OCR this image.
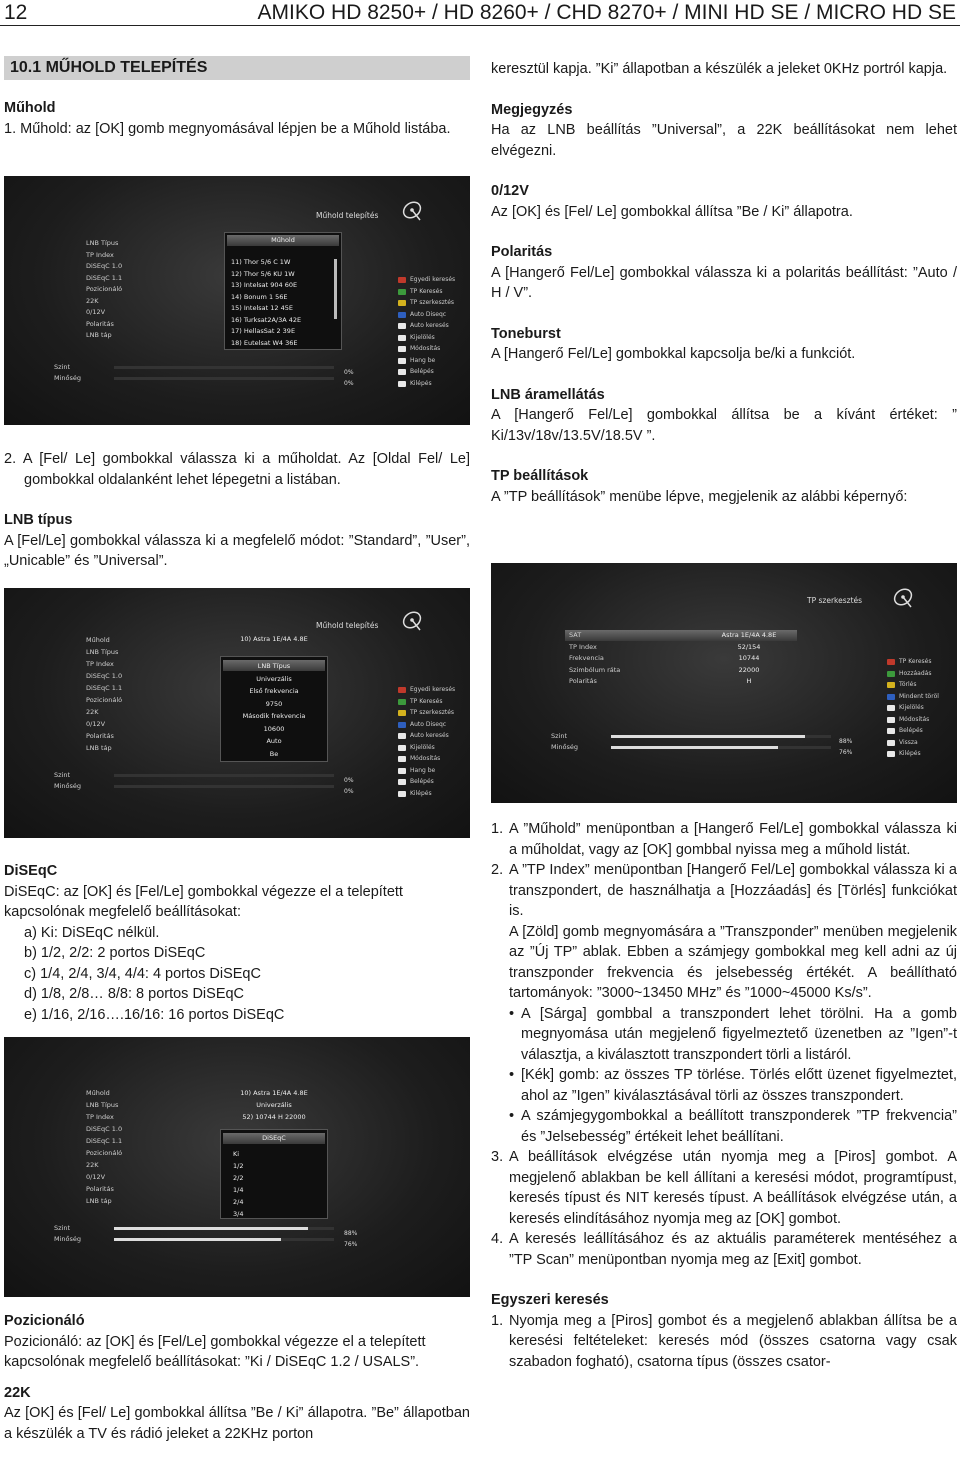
12	AMIKO HD 8250+ / HD 8260+ / CHD 8270+ / MINI HD SE / MICRO HD SE
10.1 MŰHOLD TELEPÍTÉS
Műhold
1. Műhold: az [OK] gomb megnyomásával lépjen be a Műhold listába.
2. A [Fel/ Le] gombokkal válassza ki a műholdat. Az [Oldal Fel/ Le] gombokkal oldalanként lehet lépegetni a listában.
LNB típus
A [Fel/Le] gombokkal válassza ki a megfelelő módot: ”Standard”, ”User”, „Unicable” és ”Universal”.
DiSEqC
DiSEqC: az [OK] és [Fel/Le] gombokkal végezze el a telepített kapcsolónak megfelelő beállításokat:
a) Ki: DiSEqC nélkül.
b) 1/2, 2/2: 2 portos DiSEqC
c) 1/4, 2/4, 3/4, 4/4: 4 portos DiSEqC
d) 1/8, 2/8… 8/8: 8 portos DiSEqC
e) 1/16, 2/16….16/16: 16 portos DiSEqC
Pozicionáló
Pozicionáló: az [OK] és [Fel/Le] gombokkal végezze el a telepített kapcsolónak megfelelő beállításokat: ”Ki / DiSEqC 1.2 / USALS”.
22K
Az [OK] és [Fel/ Le] gombokkal állítsa ”Be / Ki” állapotra. ”Be” állapotban a készülék a TV és rádió jeleket a 22KHz porton
keresztül kapja. ”Ki” állapotban a készülék a jeleket 0KHz portról kapja.
Megjegyzés
Ha az LNB beállítás ”Universal”, a 22K beállításokat nem lehet elvégezni.
0/12V
Az [OK] és [Fel/ Le] gombokkal állítsa ”Be / Ki” állapotra.
Polaritás
A [Hangerő Fel/Le] gombokkal válassza ki a polaritás beállítást: ”Auto / H / V”.
Toneburst
A [Hangerő Fel/Le] gombokkal kapcsolja be/ki a funkciót.
LNB áramellátás
A [Hangerő Fel/Le] gombokkal állítsa be a kívánt értéket: ” Ki/13v/18v/13.5V/18.5V ”.
TP beállítások
A ”TP beállítások” menübe lépve, megjelenik az alábbi képernyő:
1. A ”Műhold” menüpontban a [Hangerő Fel/Le] gombokkal válassza ki a műholdat, vagy az [OK] gombbal nyissa meg a műhold listát.
2. A ”TP Index” menüpontban [Hangerő Fel/Le] gombokkal válassza ki a transzpondert, de használhatja a [Hozzáadás] és [Törlés] funkciókat is.
A [Zöld] gomb megnyomására a ”Transzponder” menüben megjelenik az ”Új TP” ablak. Ebben a számjegy gombokkal meg kell adni az új transzponder frekvencia és jelsebesség értékét. A beállítható tartományok: ”3000~13450 MHz” és ”1000~45000 Ks/s”.
• A [Sárga] gombbal a transzpondert lehet törölni. Ha a gomb megnyomása után megjelenő figyelmeztető üzenetben az ”Igen”-t választja, a kiválasztott transzpondert törli a listáról.
• [Kék] gomb: az összes TP törlése. Törlés előtt üzenet figyelmeztet, ahol az ”Igen” kiválasztásával törli az összes transzpondert.
• A számjegygombokkal a beállított transzponderek ”TP frekvencia” és ”Jelsebesség” értékeit lehet beállítani.
3. A beállítások elvégzése után nyomja meg a [Piros] gombot. A megjelenő ablakban be kell állítani a keresési módot, programtípust, keresés típust és NIT keresés típust. A beállítások elvégzése után, a keresés elindításához nyomja meg az [OK] gombot.
4. A keresés leállításához és az aktuális paraméterek mentéséhez a ”TP Scan” menüpontban nyomja meg az [Exit] gombot.
Egyszeri keresés
1. Nyomja meg a [Piros] gombot és a megjelenő ablakban állítsa be a keresési feltételeket: keresés mód (összes csatorna vagy csak szabadon fogható), csatorna típus (összes csator-
Műhold telepítés
LNB Típus
TP Index
DiSEqC 1.0
DiSEqC 1.1
Pozicionáló
22K
0/12V
Polaritás
LNB táp
Műhold
11) Thor 5/6 C 1W
12) Thor 5/6 KU 1W
13) Intelsat 904 60E
14) Bonum 1 56E
15) Intelsat 12 45E
16) Turksat2A/3A 42E
17) HellasSat 2 39E
18) Eutelsat W4 36E
Egyedi keresés
TP Keresés
TP szerkesztés
Auto Diseqc
Auto keresés
Kijelölés
Módosítás
Hang be
Belépés
Kilépés
Szint
Minőség
0%
0%
TP szerkesztés
SAT
TP Index
Frekvencia
Szimbólum ráta
Polaritás
Astra 1E/4A 4.8E
52/154
10744
22000
H
TP Keresés
Hozzáadás
Törlés
Mindent töröl
Kijelölés
Módosítás
Belépés
Vissza
Kilépés
Szint
Minőség
88%
76%
Műhold telepítés
Műhold
LNB Típus
TP Index
DiSEqC 1.0
DiSEqC 1.1
Pozicionáló
22K
0/12V
Polaritás
LNB táp
10) Astra 1E/4A 4.8E
LNB Típus
Univerzális
Első frekvencia
9750
Második frekvencia
10600
Auto
Be
Egyedi keresés
TP Keresés
TP szerkesztés
Auto Diseqc
Auto keresés
Kijelölés
Módosítás
Hang be
Belépés
Kilépés
Szint
Minőség
0%
0%
Műhold
LNB Típus
TP Index
DiSEqC 1.0
DiSEqC 1.1
Pozicionáló
22K
0/12V
Polaritás
LNB táp
10) Astra 1E/4A 4.8E
Univerzális
52) 10744 H 22000
DiSEqC
Ki
1/2
2/2
1/4
2/4
3/4
Szint
Minőség
88%
76%
